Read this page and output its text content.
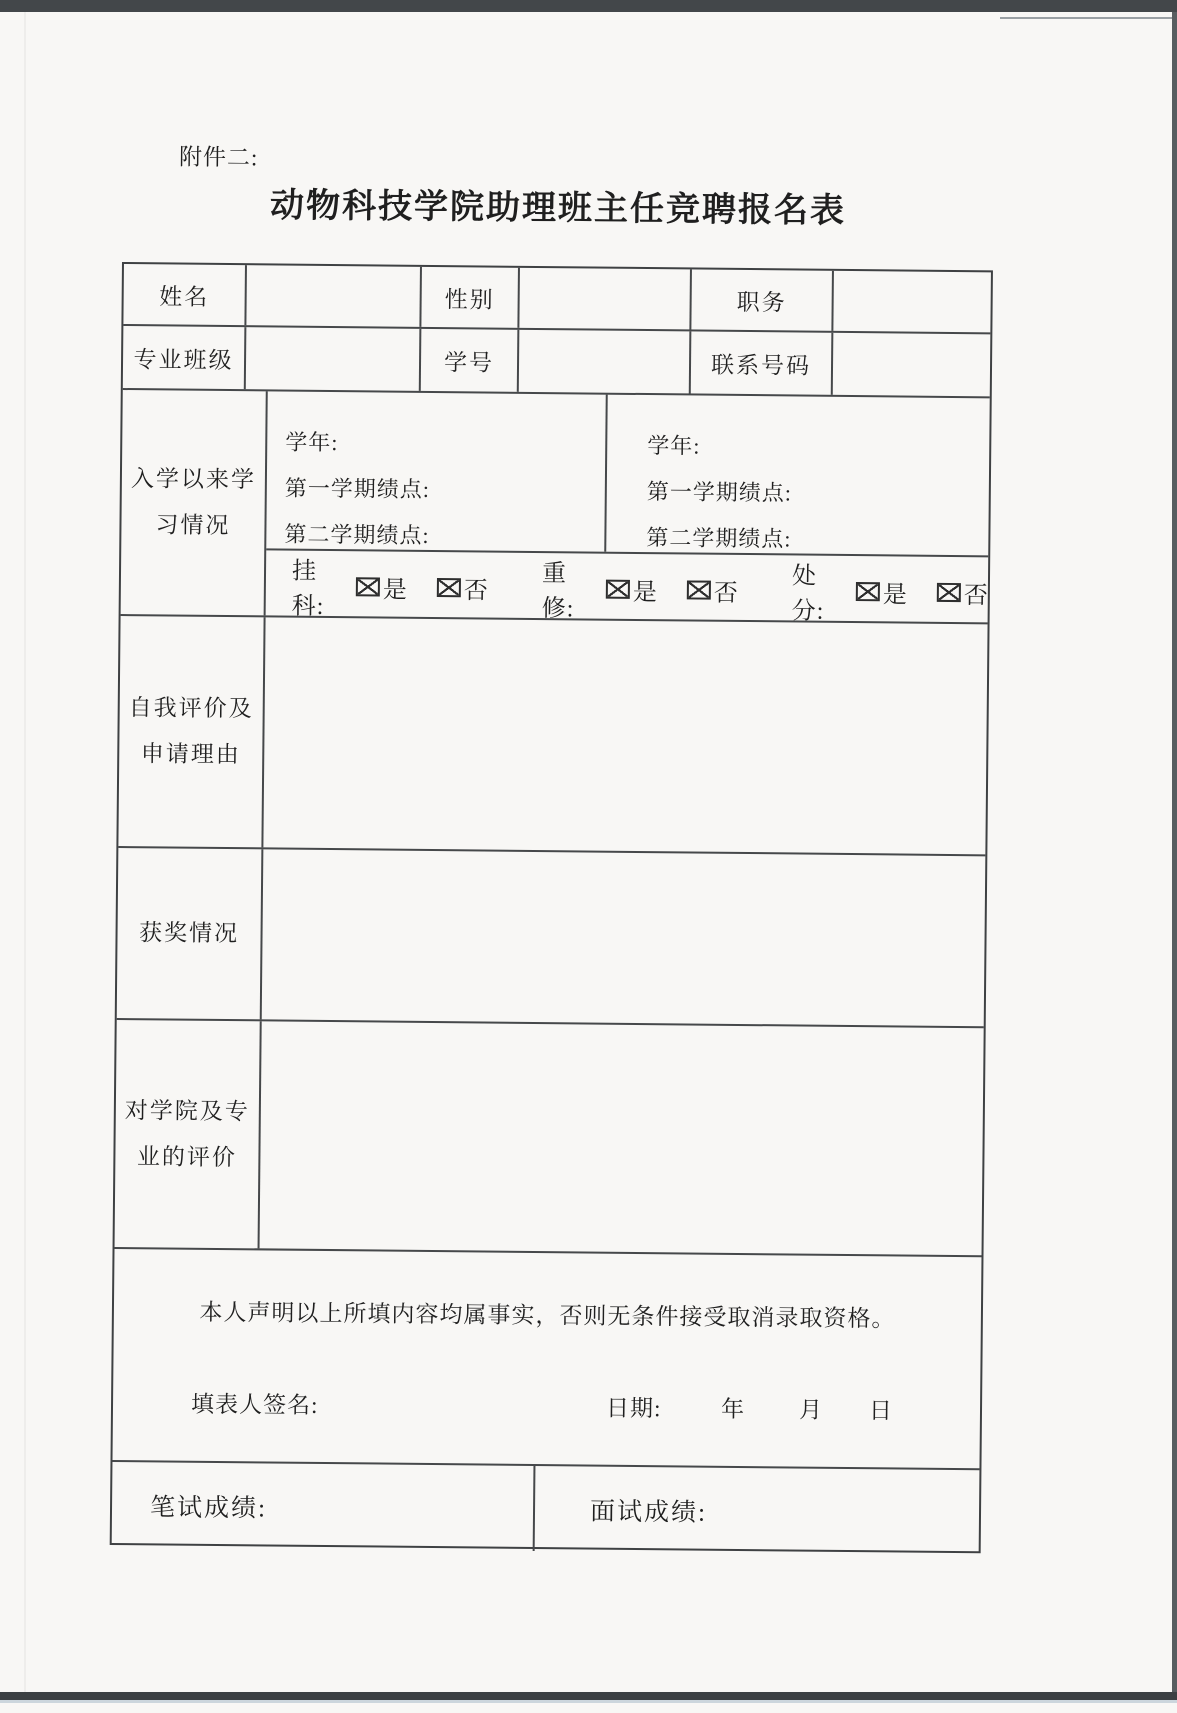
附件二:
动物科技学院助理班主任竞聘报名表
姓名	性别	职务
专业班级	学号	联系号码
入学以来学
习情况
学年:
第一学期绩点:
第二学期绩点:
学年:
第一学期绩点:
第二学期绩点:
挂科:
是 否
重修:
是 否
处分:
是 否
自我评价及
申请理由
获奖情况
对学院及专
业的评价
本人声明以上所填内容均属事实，否则无条件接受取消录取资格。
填表人签名:	日期:	年 月 日
笔试成绩:	面试成绩:
